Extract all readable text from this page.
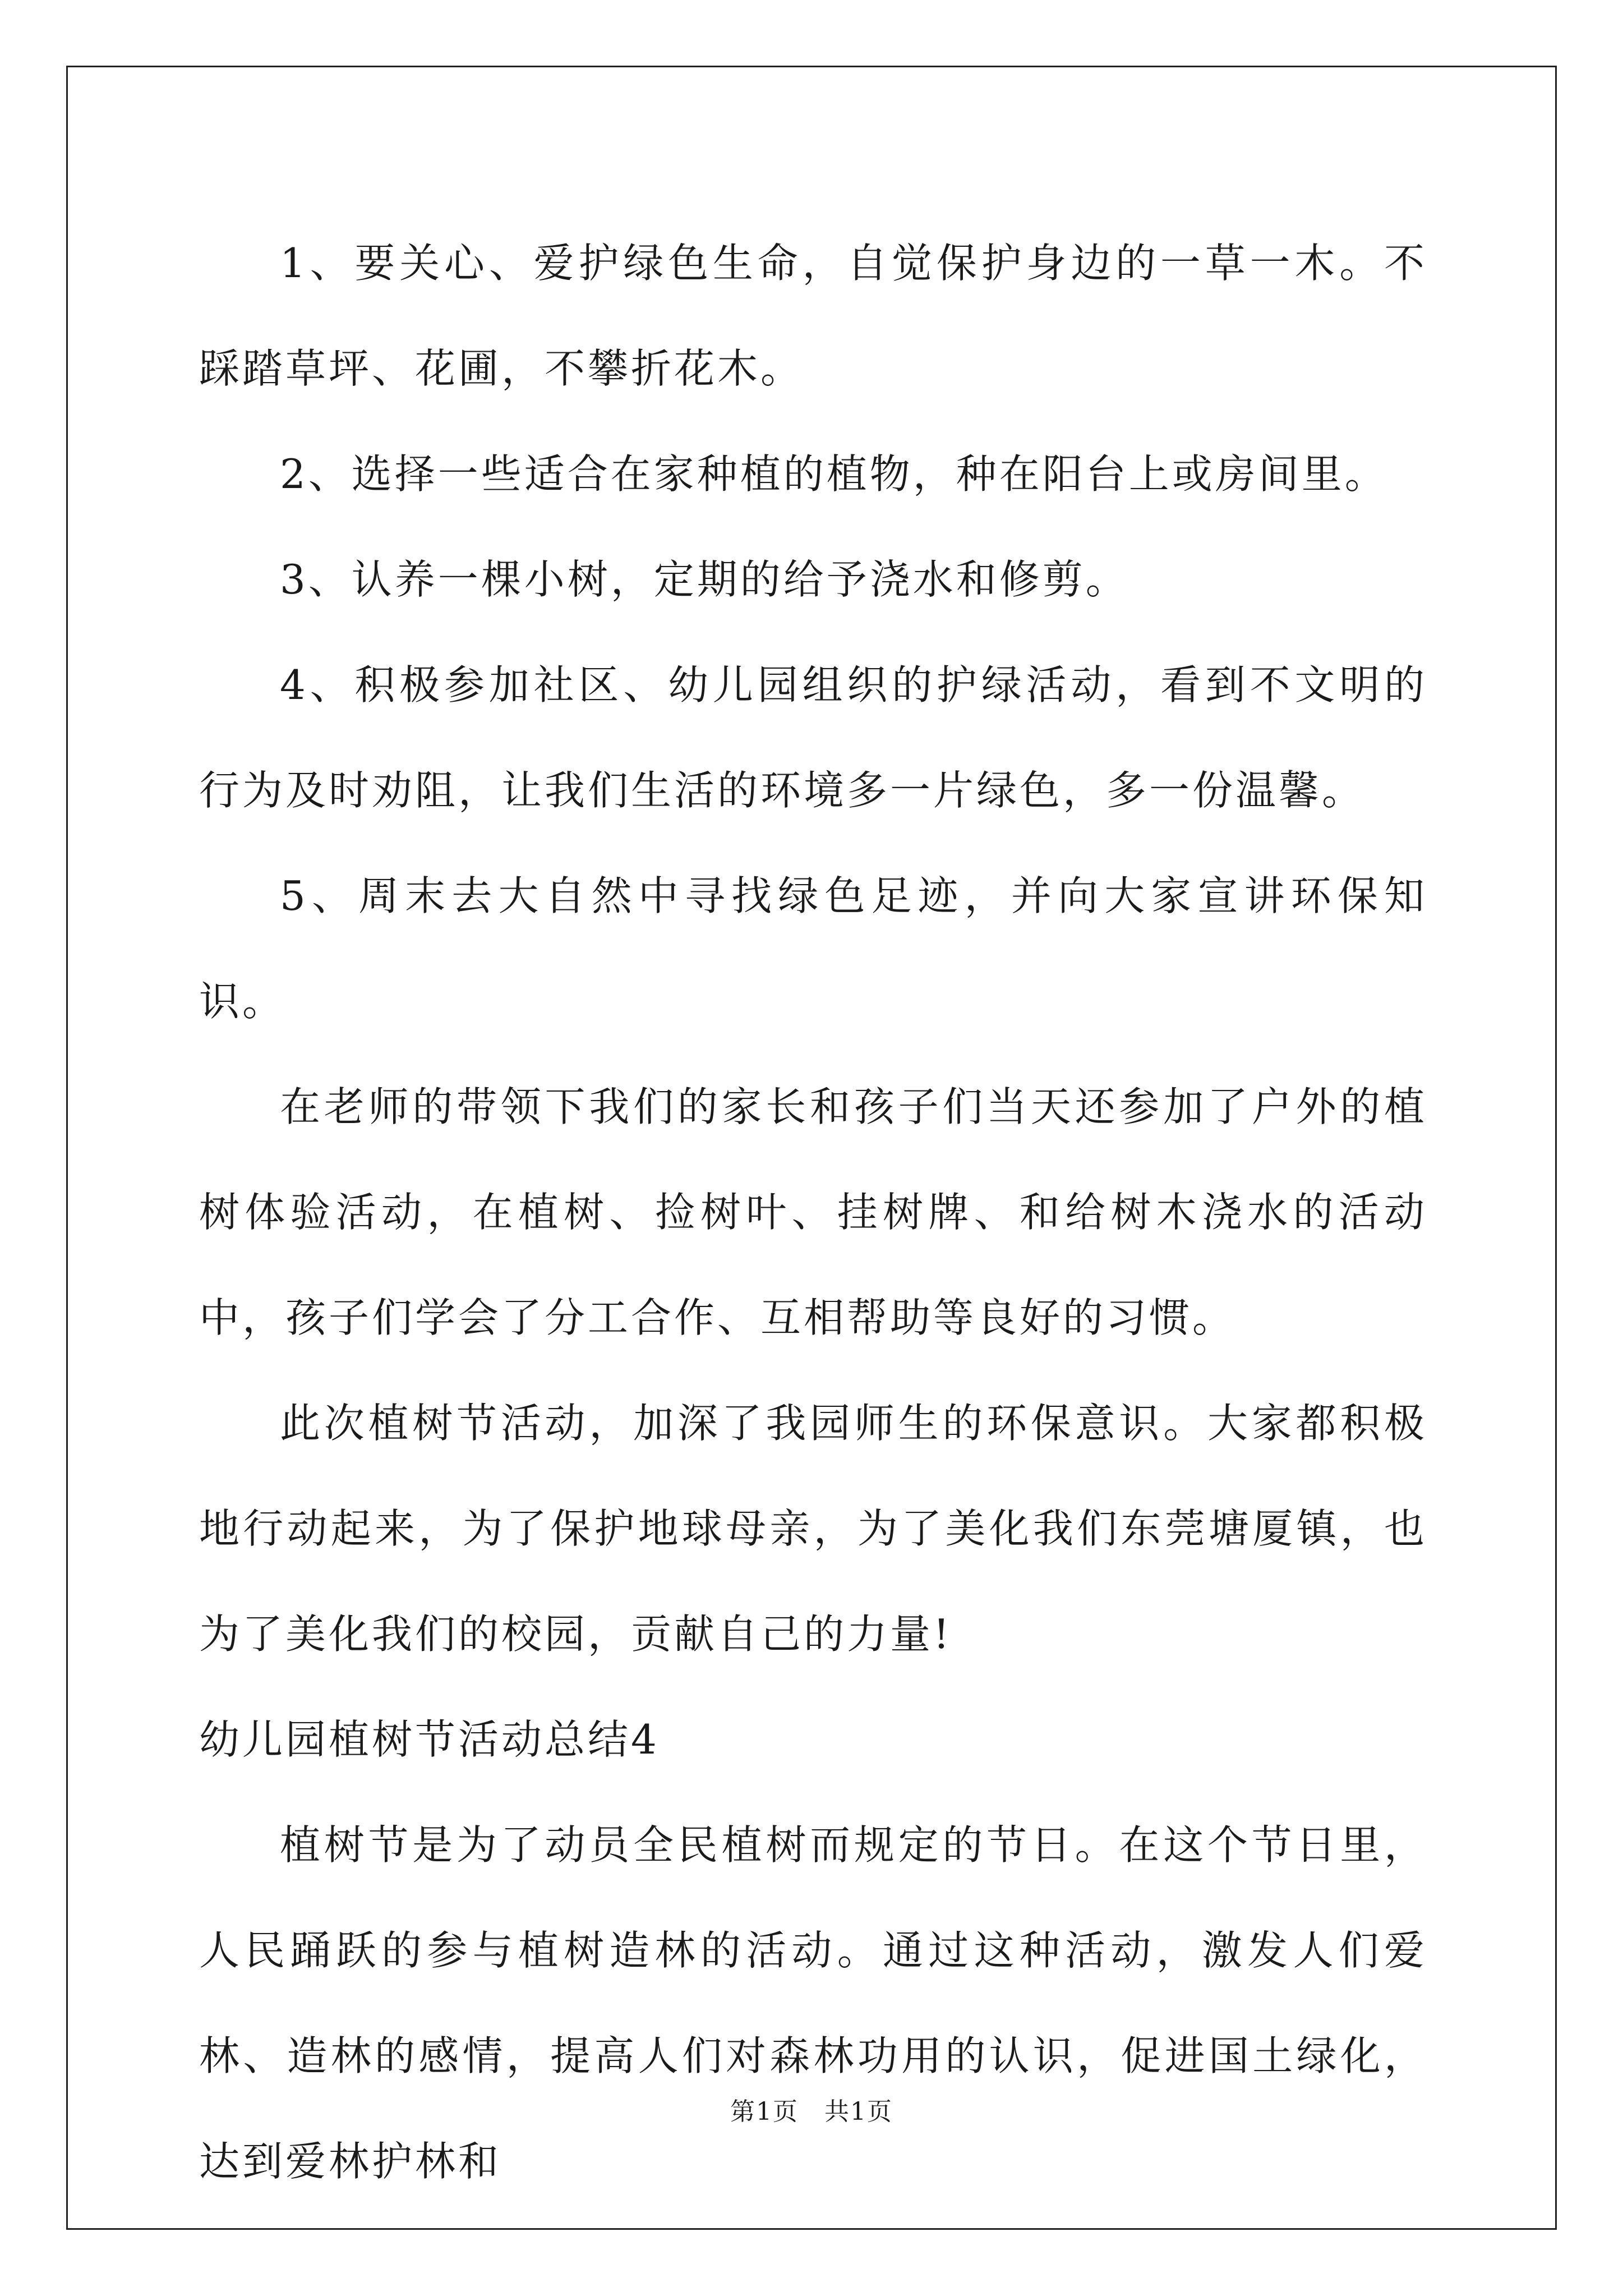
1、要关心、爱护绿色生命，自觉保护身边的一草一木。不踩踏草坪、花圃，不攀折花木。

2、选择一些适合在家种植的植物，种在阳台上或房间里。

3、认养一棵小树，定期的给予浇水和修剪。

4、积极参加社区、幼儿园组织的护绿活动，看到不文明的行为及时劝阻，让我们生活的环境多一片绿色，多一份温馨。

5、周末去大自然中寻找绿色足迹，并向大家宣讲环保知识。

在老师的带领下我们的家长和孩子们当天还参加了户外的植树体验活动，在植树、捡树叶、挂树牌、和给树木浇水的活动中，孩子们学会了分工合作、互相帮助等良好的习惯。

此次植树节活动，加深了我园师生的环保意识。大家都积极地行动起来，为了保护地球母亲，为了美化我们东莞塘厦镇，也为了美化我们的校园，贡献自己的力量!

幼儿园植树节活动总结4

植树节是为了动员全民植树而规定的节日。在这个节日里，人民踊跃的参与植树造林的活动。通过这种活动，激发人们爱林、造林的感情，提高人们对森林功用的认识，促进国土绿化，达到爱林护林和

第1页 共1页
